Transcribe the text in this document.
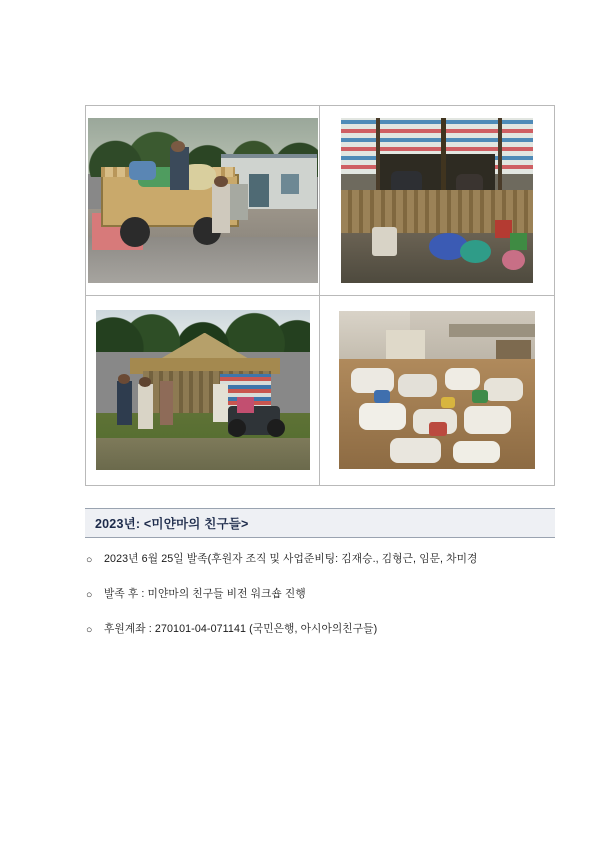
2023년: <미얀마의 친구들>
○	2023년 6월 25일 발족(후원자 조직 및 사업준비팅: 김재승., 김형근, 임문, 차미경
○	발족 후 : 미얀마의 친구들 비전 워크숍 진행
○	후원계좌 : 270101-04-071141 (국민은행, 아시아의친구들)
